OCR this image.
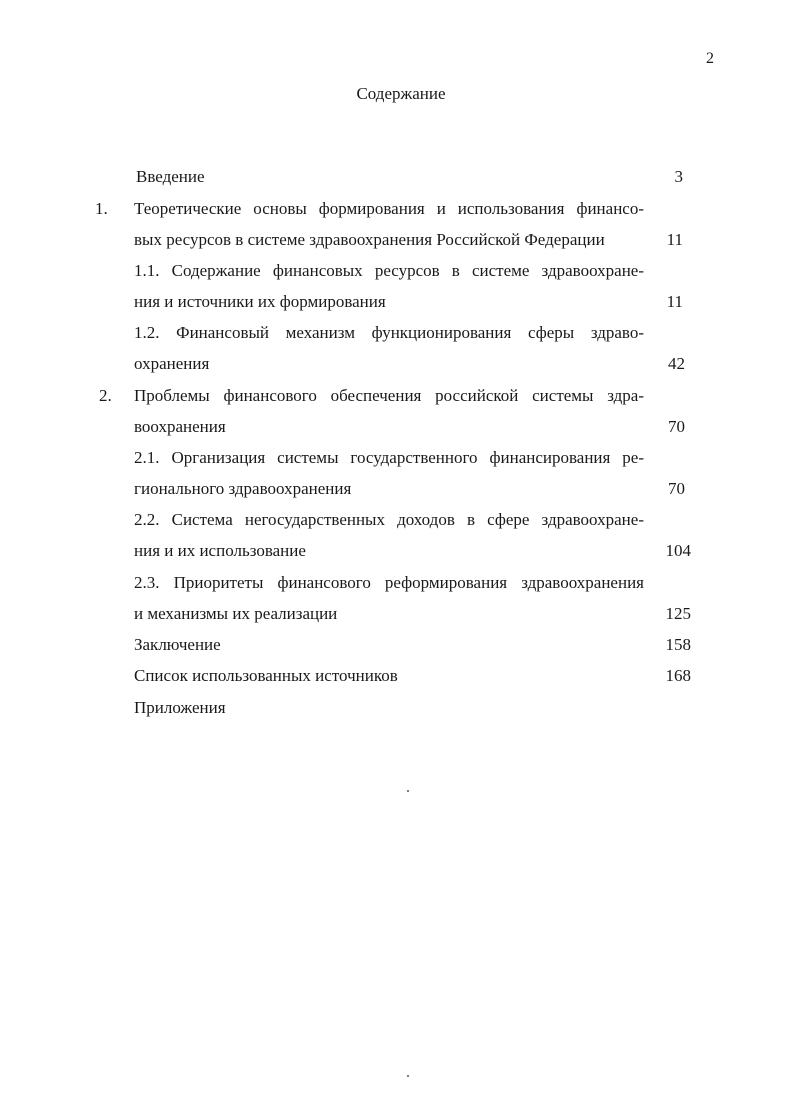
2
Содержание
Введение	3
1. Теоретические основы формирования и использования финансо-
вых ресурсов в системе здравоохранения Российской Федерации	11
1.1. Содержание финансовых ресурсов в системе здравоохране-
ния и источники их формирования	11
1.2. Финансовый механизм функционирования сферы здраво-
охранения	42
2. Проблемы финансового обеспечения российской системы здра-
воохранения	70
2.1. Организация системы государственного финансирования ре-
гионального здравоохранения	70
2.2. Система негосударственных доходов в сфере здравоохране-
ния и их использование	104
2.3. Приоритеты финансового реформирования здравоохранения
и механизмы их реализации	125
Заключение	158
Список использованных источников	168
Приложения
